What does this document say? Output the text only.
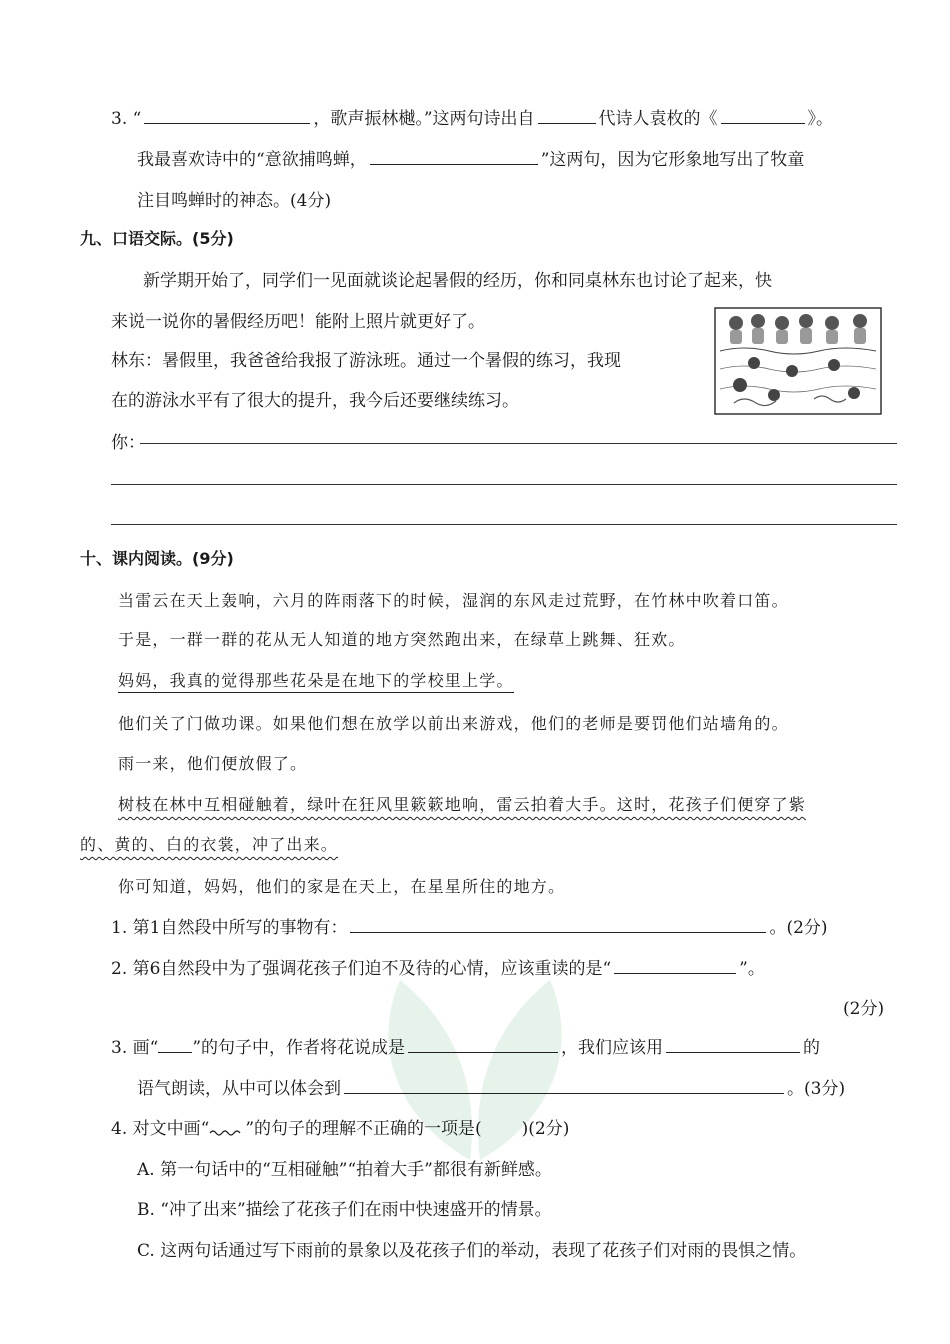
3. “	，歌声振林樾。”这两句诗出自	代诗人袁枚的《	》。
我最喜欢诗中的“意欲捕鸣蝉，	”这两句，因为它形象地写出了牧童
注目鸣蝉时的神态。(4分)
九、口语交际。(5分)
新学期开始了，同学们一见面就谈论起暑假的经历，你和同桌林东也讨论了起来，快
来说一说你的暑假经历吧！能附上照片就更好了。
林东：暑假里，我爸爸给我报了游泳班。通过一个暑假的练习，我现
在的游泳水平有了很大的提升，我今后还要继续练习。
你：
十、课内阅读。(9分)
当雷云在天上轰响，六月的阵雨落下的时候，湿润的东风走过荒野，在竹林中吹着口笛。
于是，一群一群的花从无人知道的地方突然跑出来，在绿草上跳舞、狂欢。
妈妈，我真的觉得那些花朵是在地下的学校里上学。
他们关了门做功课。如果他们想在放学以前出来游戏，他们的老师是要罚他们站墙角的。
雨一来，他们便放假了。
树枝在林中互相碰触着，绿叶在狂风里簌簌地响，雷云拍着大手。这时，花孩子们便穿了紫
的、黄的、白的衣裳，冲了出来。
你可知道，妈妈，他们的家是在天上，在星星所住的地方。
1. 第1自然段中所写的事物有：	。(2分)
2. 第6自然段中为了强调花孩子们迫不及待的心情，应该重读的是“	”。
(2分)
3. 画“ ”的句子中，作者将花说成是	，我们应该用	的
语气朗读，从中可以体会到	。(3分)
4. 对文中画“ ”的句子的理解不正确的一项是( )(2分)
A. 第一句话中的“互相碰触”“拍着大手”都很有新鲜感。
B. “冲了出来”描绘了花孩子们在雨中快速盛开的情景。
C. 这两句话通过写下雨前的景象以及花孩子们的举动，表现了花孩子们对雨的畏惧之情。
